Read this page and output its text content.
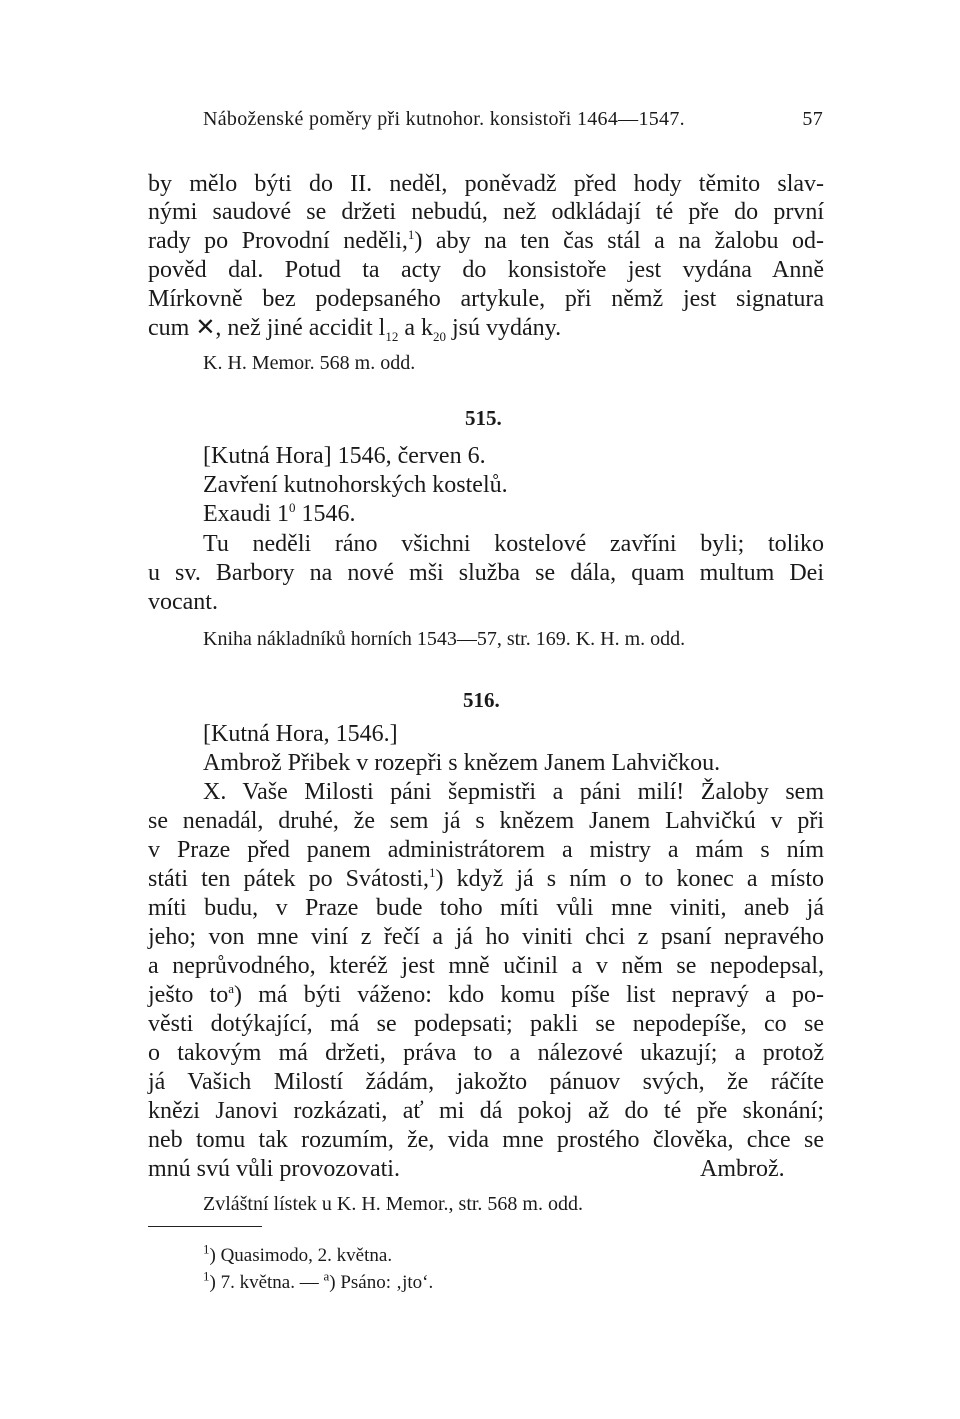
Náboženské poměry při kutnohor. konsistoři 1464—1547.	57
by mělo býti do II. neděl, poněvadž před hody těmito slav-
nými saudové se držeti nebudú, než odkládají té pře do první
rady po Provodní neděli,$^1$) aby na ten čas stál a na žalobu od-
pověd dal. Potud ta acty do konsistoře jest vydána Anně
Mírkovně bez podepsaného artykule, při němž jest signatura
cum ✕, než jiné accidit $l_{12}$ a $k_{20}$ jsú vydány.
K. H. Memor. 568 m. odd.
515.
[Kutná Hora] 1546, červen 6.
Zavření kutnohorských kostelů.
Exaudi $1^0$ 1546.
Tu neděli ráno všichni kostelové zavříni byli; toliko
u sv. Barbory na nové mši služba se dála, quam multum Dei
vocant.
Kniha nákladníků horních 1543—57, str. 169. K. H. m. odd.
516.
[Kutná Hora, 1546.]
Ambrož Přibek v rozepři s knězem Janem Lahvičkou.
X. Vaše Milosti páni šepmistři a páni milí! Žaloby sem
se nenadál, druhé, že sem já s knězem Janem Lahvičkú v při
v Praze před panem administrátorem a mistry a mám s ním
státi ten pátek po Svátosti,$^1$) když já s ním o to konec a místo
míti budu, v Praze bude toho míti vůli mne viniti, aneb já
jeho; von mne viní z řečí a já ho viniti chci z psaní nepravého
a neprůvodného, kteréž jest mně učinil a v něm se nepodepsal,
ješto $to^a$) má býti váženo: kdo komu píše list nepravý a po-
věsti dotýkající, má se podepsati; pakli se nepodepíše, co se
o takovým má držeti, práva to a nálezové ukazují; a protož
já Vašich Milostí žádám, jakožto pánuov svých, že ráčíte
knězi Janovi rozkázati, ať mi dá pokoj až do té pře skonání;
neb tomu tak rozumím, že, vida mne prostého člověka, chce se
mnú svú vůli provozovati.	Ambrož.
Zvláštní lístek u K. H. Memor., str. 568 m. odd.
$^1$) Quasimodo, 2. května.
$^1$) 7. května. — $^a$) Psáno: ‚jto‘.
